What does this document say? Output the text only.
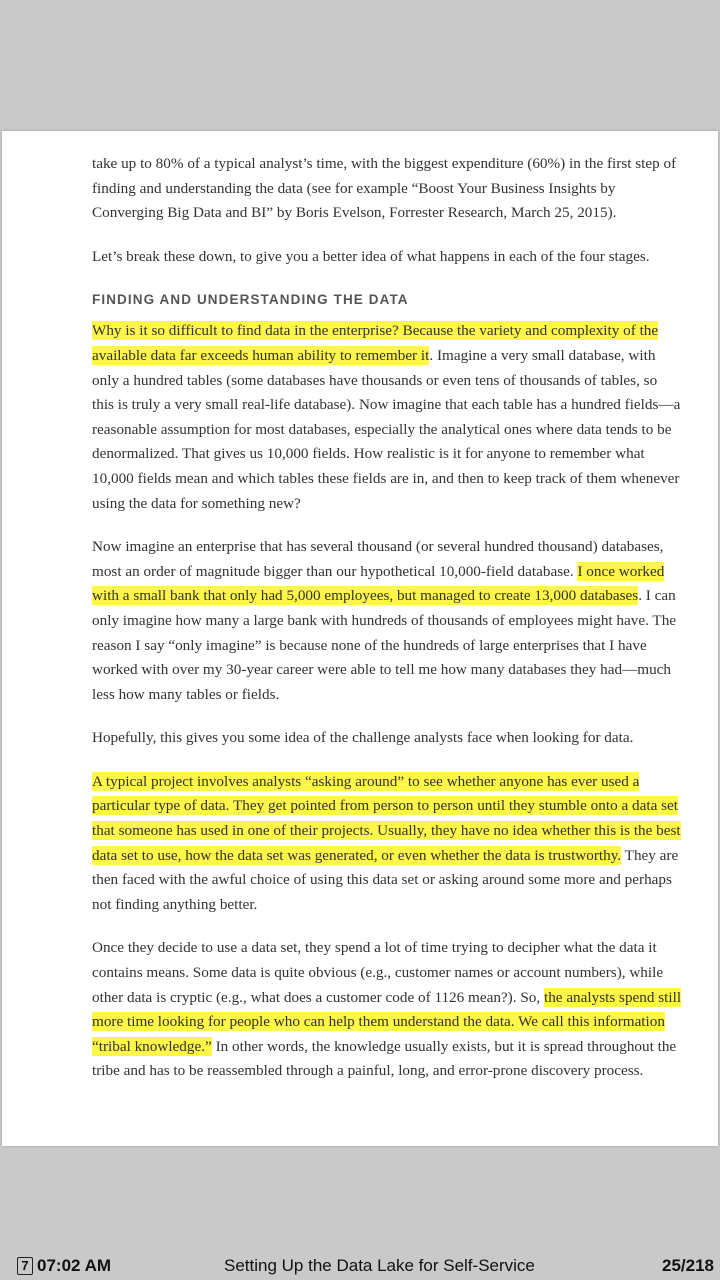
take up to 80% of a typical analyst’s time, with the biggest expenditure (60%) in the first step of finding and understanding the data (see for example “Boost Your Business Insights by Converging Big Data and BI” by Boris Evelson, Forrester Research, March 25, 2015).

Let’s break these down, to give you a better idea of what happens in each of the four stages.

FINDING AND UNDERSTANDING THE DATA

Why is it so difficult to find data in the enterprise? Because the variety and complexity of the available data far exceeds human ability to remember it. Imagine a very small database, with only a hundred tables (some databases have thousands or even tens of thousands of tables, so this is truly a very small real-life database). Now imagine that each table has a hundred fields—a reasonable assumption for most databases, especially the analytical ones where data tends to be denormalized. That gives us 10,000 fields. How realistic is it for anyone to remember what 10,000 fields mean and which tables these fields are in, and then to keep track of them whenever using the data for something new?

Now imagine an enterprise that has several thousand (or several hundred thousand) databases, most an order of magnitude bigger than our hypothetical 10,000-field database. I once worked with a small bank that only had 5,000 employees, but managed to create 13,000 databases. I can only imagine how many a large bank with hundreds of thousands of employees might have. The reason I say “only imagine” is because none of the hundreds of large enterprises that I have worked with over my 30-year career were able to tell me how many databases they had—much less how many tables or fields.

Hopefully, this gives you some idea of the challenge analysts face when looking for data.

A typical project involves analysts “asking around” to see whether anyone has ever used a particular type of data. They get pointed from person to person until they stumble onto a data set that someone has used in one of their projects. Usually, they have no idea whether this is the best data set to use, how the data set was generated, or even whether the data is trustworthy. They are then faced with the awful choice of using this data set or asking around some more and perhaps not finding anything better.

Once they decide to use a data set, they spend a lot of time trying to decipher what the data it contains means. Some data is quite obvious (e.g., customer names or account numbers), while other data is cryptic (e.g., what does a customer code of 1126 mean?). So, the analysts spend still more time looking for people who can help them understand the data. We call this information “tribal knowledge.” In other words, the knowledge usually exists, but it is spread throughout the tribe and has to be reassembled through a painful, long, and error-prone discovery process.

7 07:02 AM	Setting Up the Data Lake for Self-Service	25/218
